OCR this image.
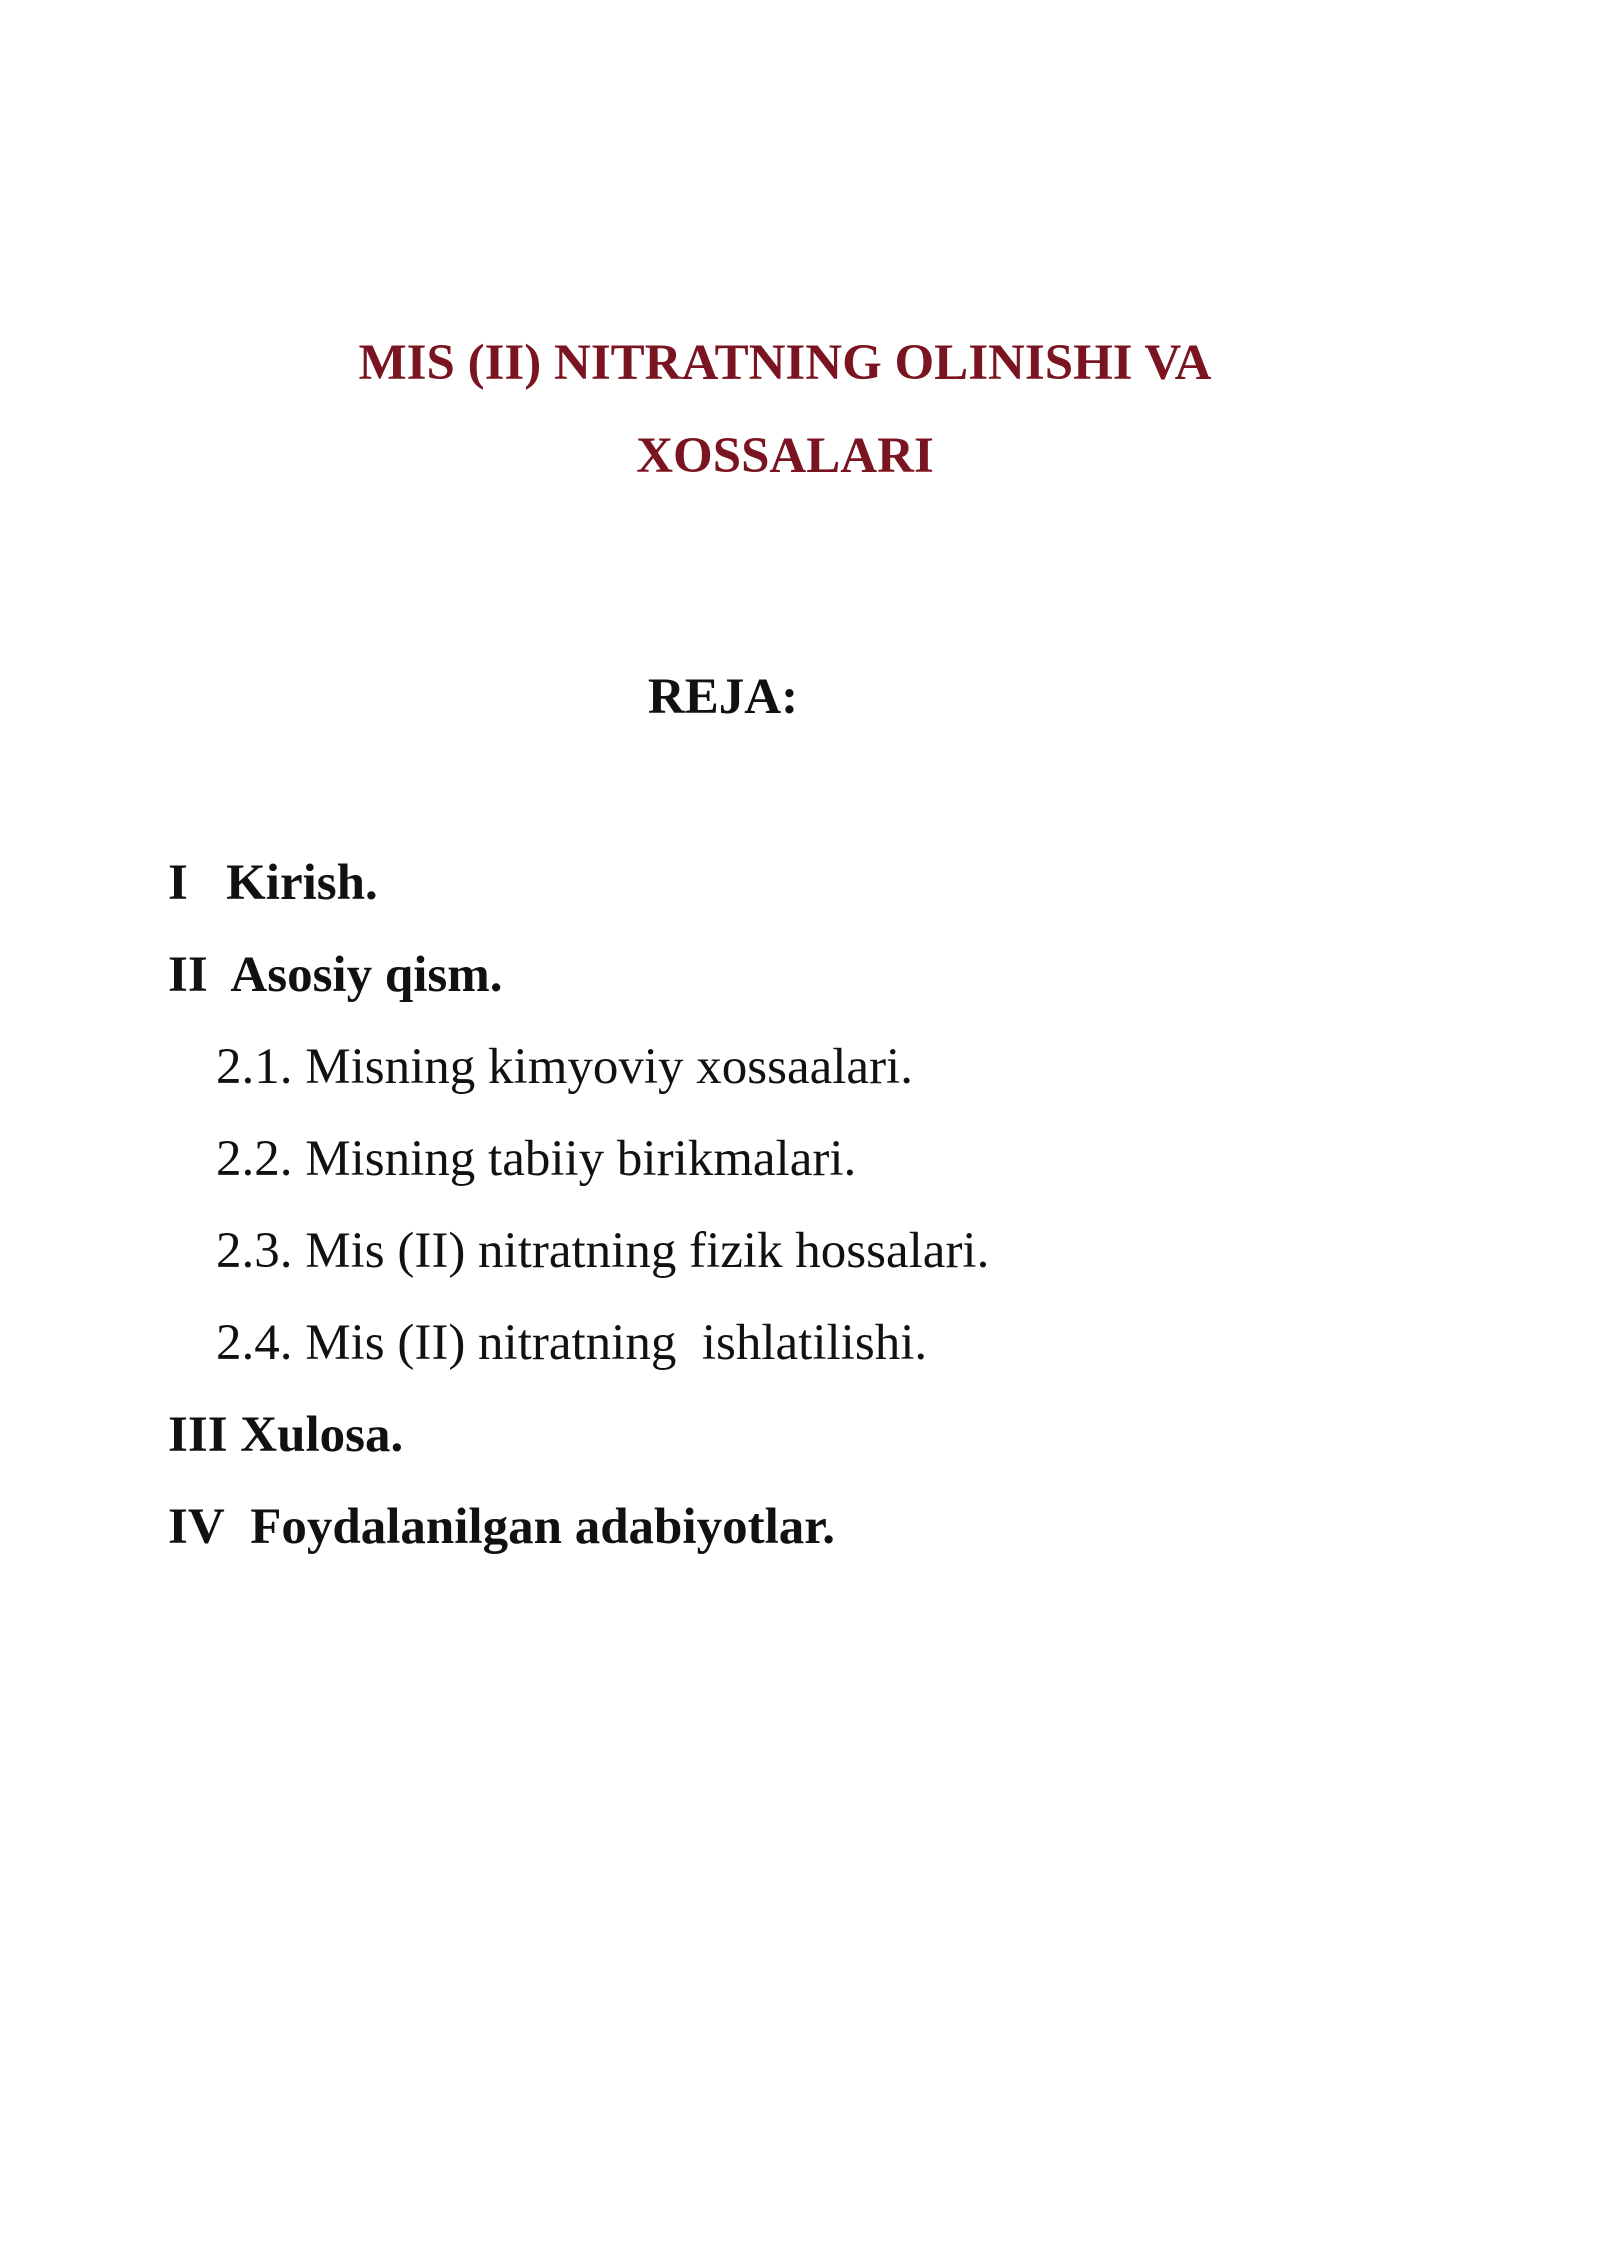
MIS (II) NITRATNING OLINISHI VA
XOSSALARI
REJA:
I Kirish.
II Asosiy qism.
2.1. Misning kimyoviy xossaalari.
2.2. Misning tabiiy birikmalari.
2.3. Mis (II) nitratning fizik hossalari.
2.4. Mis (II) nitratning  ishlatilishi.
III Xulosa.
IV Foydalanilgan adabiyotlar.
